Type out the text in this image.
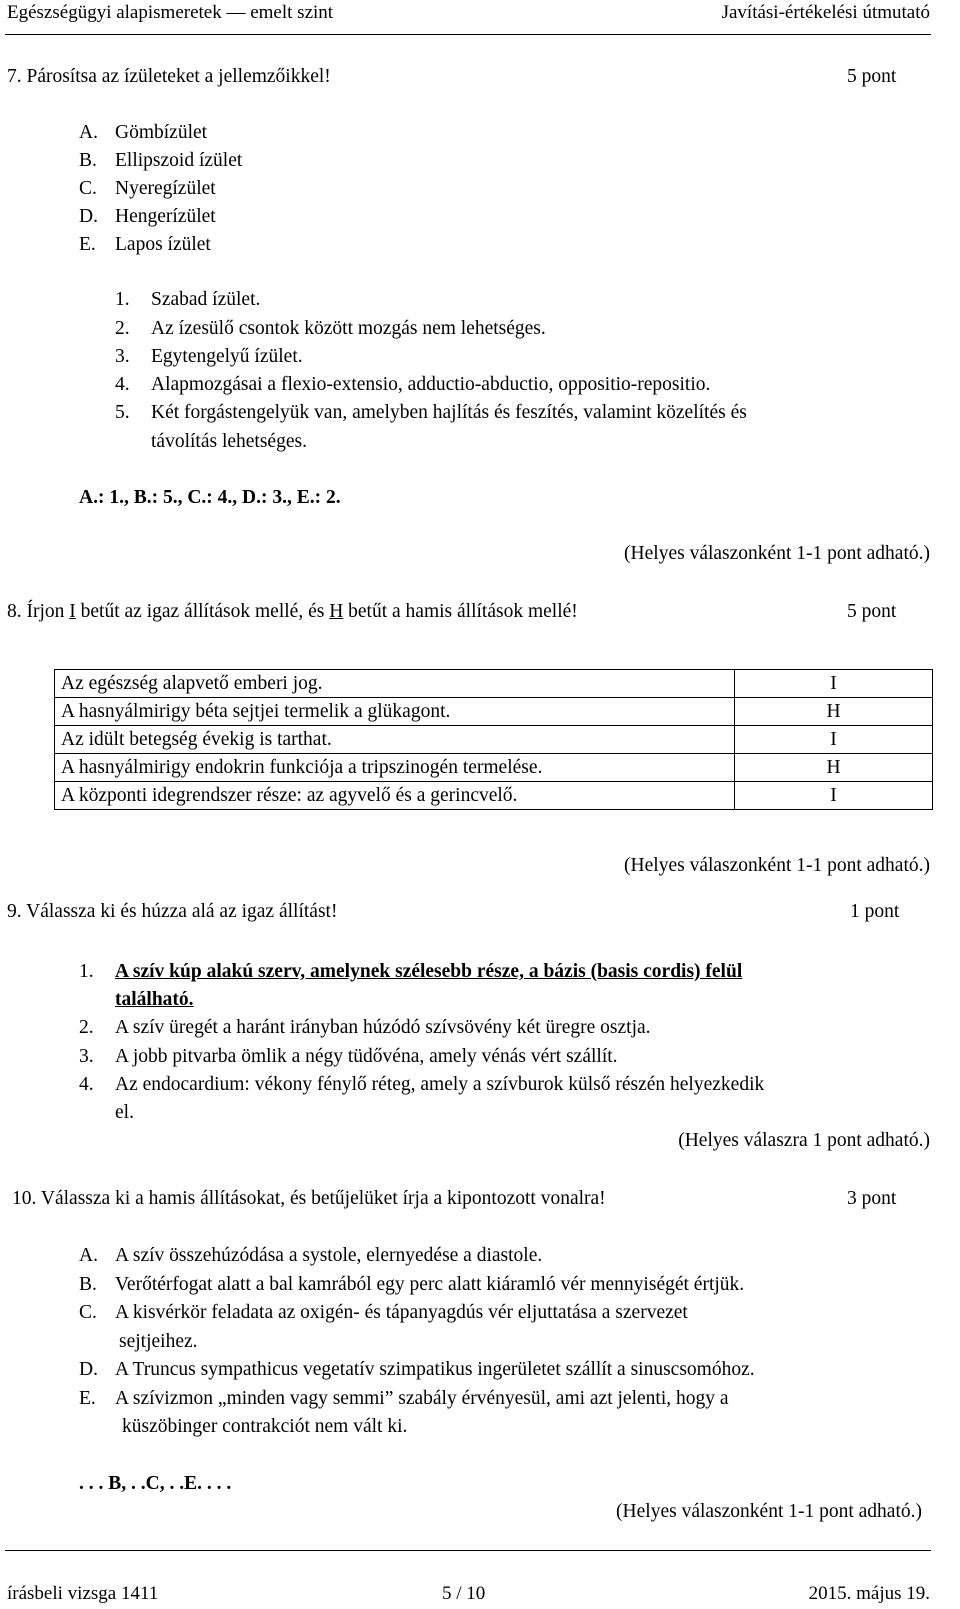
Egészségügyi alapismeretek — emelt szint	Javítási-értékelési útmutató
7. Párosítsa az ízületeket a jellemzőikkel!	5 pont
A. Gömbízület
B. Ellipszoid ízület
C. Nyeregízület
D. Hengerízület
E. Lapos ízület
1. Szabad ízület.
2. Az ízesülő csontok között mozgás nem lehetséges.
3. Egytengelyű ízület.
4. Alapmozgásai a flexio-extensio, adductio-abductio, oppositio-repositio.
5. Két forgástengelyük van, amelyben hajlítás és feszítés, valamint közelítés és
távolítás lehetséges.
A.: 1., B.: 5., C.: 4., D.: 3., E.: 2.
(Helyes válaszonként 1-1 pont adható.)
8. Írjon I betűt az igaz állítások mellé, és H betűt a hamis állítások mellé!	5 pont
Az egészség alapvető emberi jog.	I
A hasnyálmirigy béta sejtjei termelik a glükagont.	H
Az idült betegség évekig is tarthat.	I
A hasnyálmirigy endokrin funkciója a tripszinogén termelése.	H
A központi idegrendszer része: az agyvelő és a gerincvelő.	I
(Helyes válaszonként 1-1 pont adható.)
9. Válassza ki és húzza alá az igaz állítást!	1 pont
1. A szív kúp alakú szerv, amelynek szélesebb része, a bázis (basis cordis) felül
található.
2. A szív üregét a haránt irányban húzódó szívsövény két üregre osztja.
3. A jobb pitvarba ömlik a négy tüdővéna, amely vénás vért szállít.
4. Az endocardium: vékony fénylő réteg, amely a szívburok külső részén helyezkedik
el.
(Helyes válaszra 1 pont adható.)
10. Válassza ki a hamis állításokat, és betűjelüket írja a kipontozott vonalra!	3 pont
A. A szív összehúzódása a systole, elernyedése a diastole.
B. Verőtérfogat alatt a bal kamrából egy perc alatt kiáramló vér mennyiségét értjük.
C. A kisvérkör feladata az oxigén- és tápanyagdús vér eljuttatása a szervezet
sejtjeihez.
D. A Truncus sympathicus vegetatív szimpatikus ingerületet szállít a sinuscsomóhoz.
E. A szívizmon „minden vagy semmi” szabály érvényesül, ami azt jelenti, hogy a
küszöbinger contrakciót nem vált ki.
. . . B, . .C, . .E. . . .
(Helyes válaszonként 1-1 pont adható.)
írásbeli vizsga 1411	5 / 10	2015. május 19.
